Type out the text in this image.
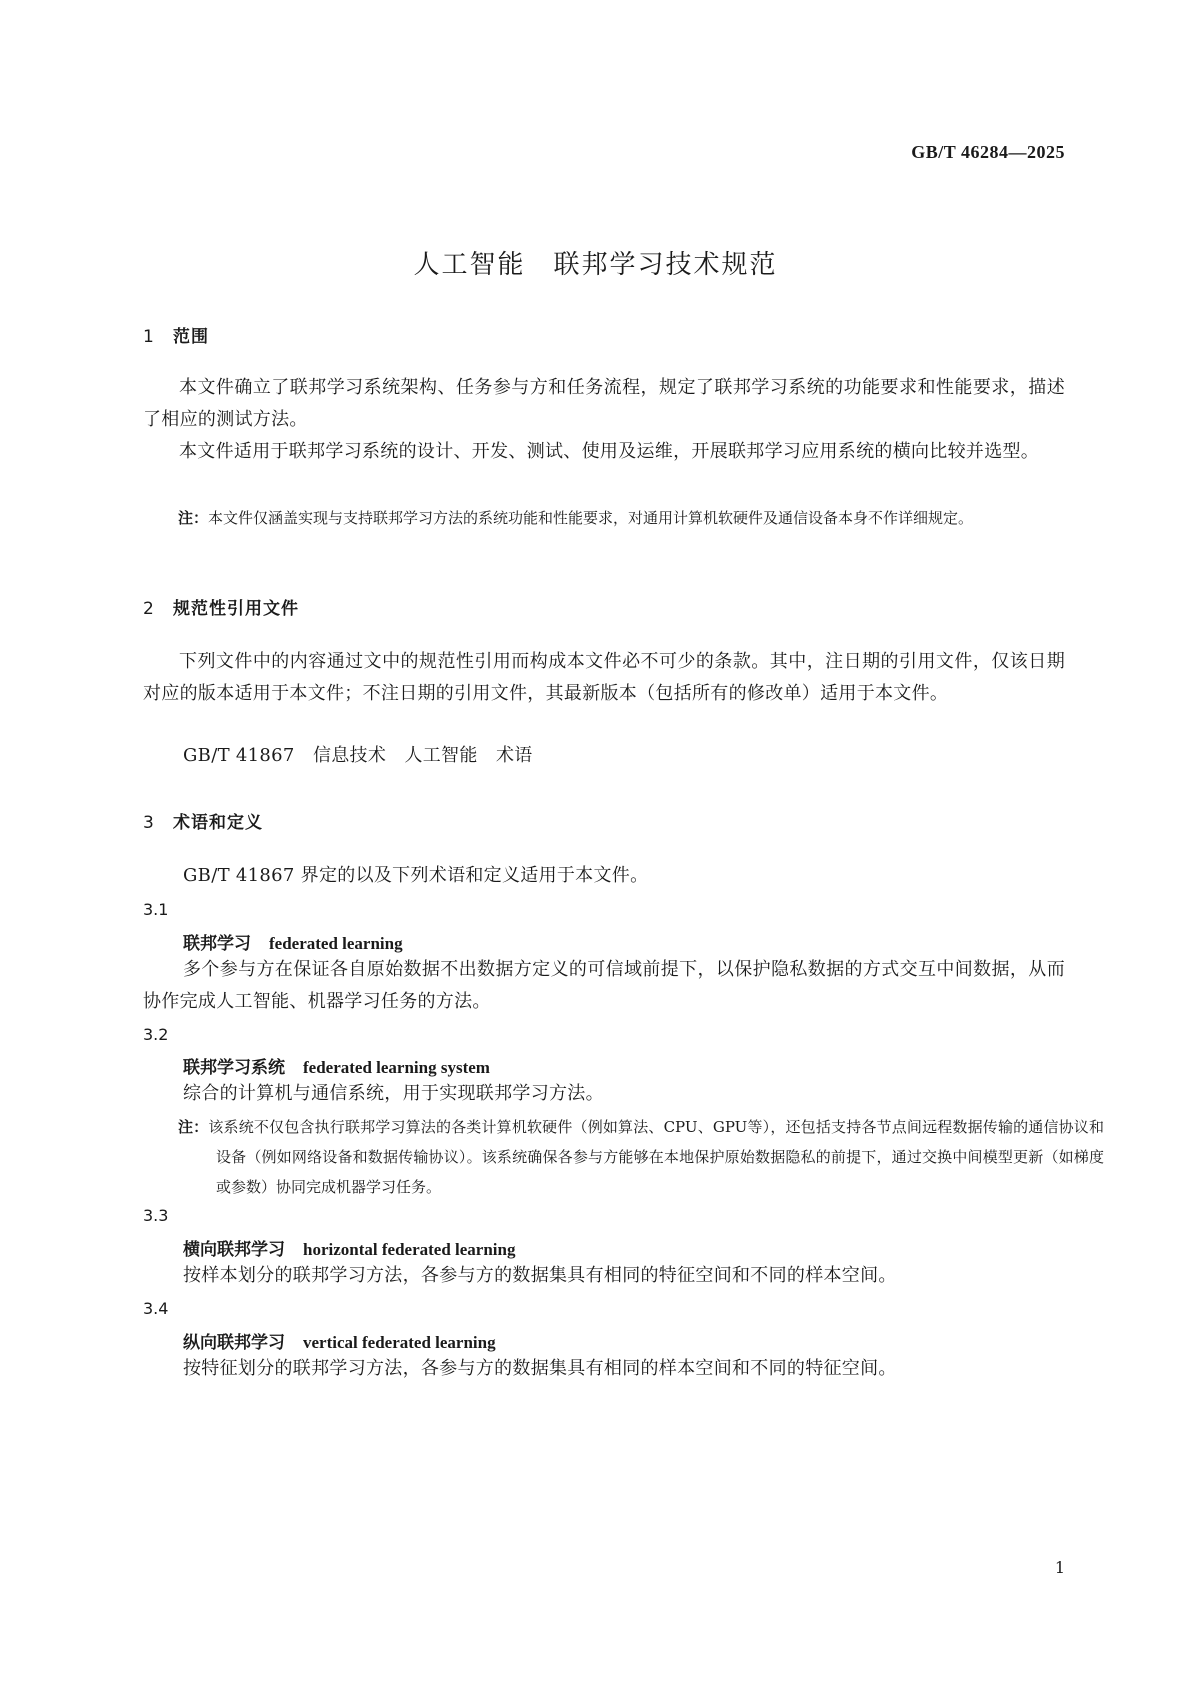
GB/T 46284—2025
人工智能　联邦学习技术规范
1 范围
本文件确立了联邦学习系统架构、任务参与方和任务流程，规定了联邦学习系统的功能要求和性能要求，描述了相应的测试方法。
本文件适用于联邦学习系统的设计、开发、测试、使用及运维，开展联邦学习应用系统的横向比较并选型。
注：本文件仅涵盖实现与支持联邦学习方法的系统功能和性能要求，对通用计算机软硬件及通信设备本身不作详细规定。
2 规范性引用文件
下列文件中的内容通过文中的规范性引用而构成本文件必不可少的条款。其中，注日期的引用文件，仅该日期对应的版本适用于本文件；不注日期的引用文件，其最新版本（包括所有的修改单）适用于本文件。
GB/T 41867　信息技术　人工智能　术语
3 术语和定义
GB/T 41867 界定的以及下列术语和定义适用于本文件。
3.1
联邦学习 federated learning
多个参与方在保证各自原始数据不出数据方定义的可信域前提下，以保护隐私数据的方式交互中间数据，从而协作完成人工智能、机器学习任务的方法。
3.2
联邦学习系统 federated learning system
综合的计算机与通信系统，用于实现联邦学习方法。
注：该系统不仅包含执行联邦学习算法的各类计算机软硬件（例如算法、CPU、GPU等），还包括支持各节点间远程数据传输的通信协议和设备（例如网络设备和数据传输协议）。该系统确保各参与方能够在本地保护原始数据隐私的前提下，通过交换中间模型更新（如梯度或参数）协同完成机器学习任务。
3.3
横向联邦学习 horizontal federated learning
按样本划分的联邦学习方法，各参与方的数据集具有相同的特征空间和不同的样本空间。
3.4
纵向联邦学习 vertical federated learning
按特征划分的联邦学习方法，各参与方的数据集具有相同的样本空间和不同的特征空间。
1
